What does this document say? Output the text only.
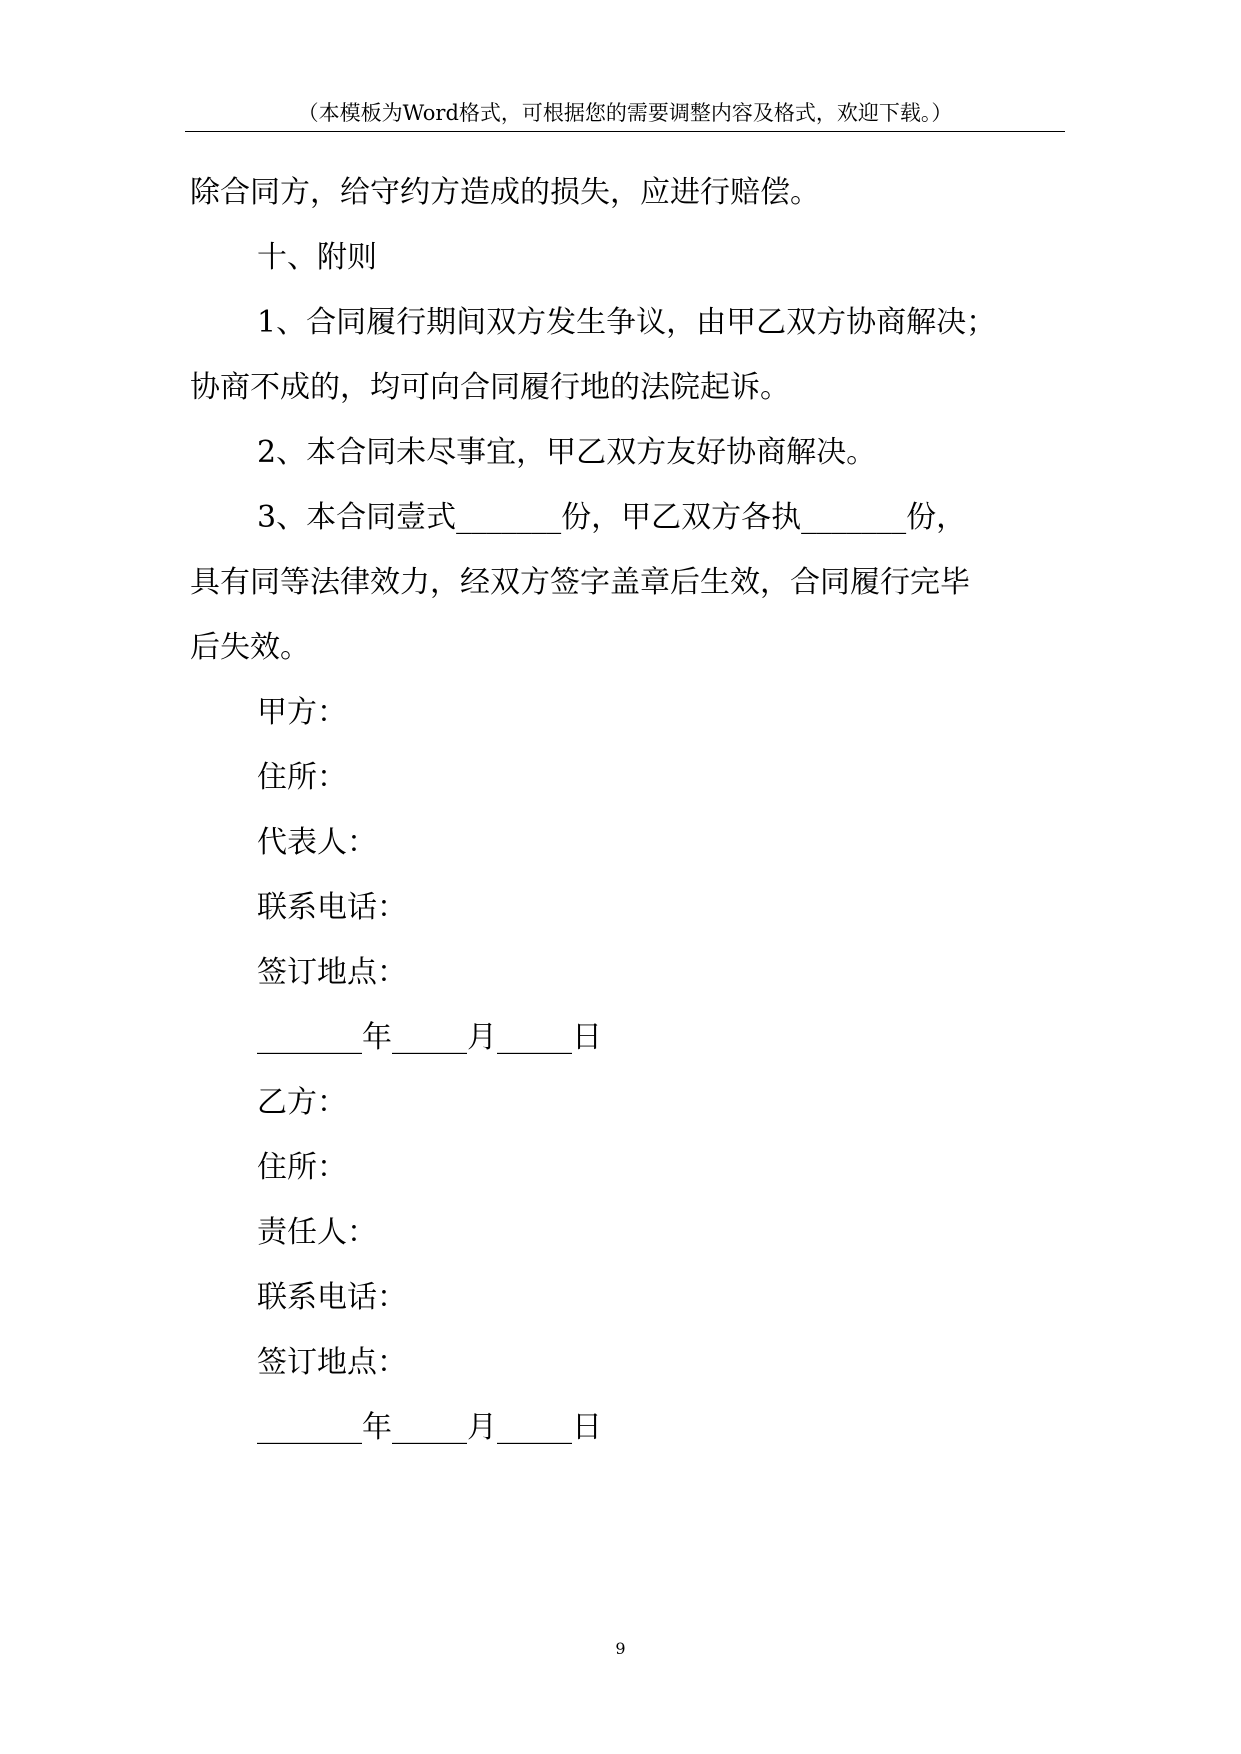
（本模板为Word格式，可根据您的需要调整内容及格式，欢迎下载。）
除合同方，给守约方造成的损失，应进行赔偿。
十、附则
1、合同履行期间双方发生争议，由甲乙双方协商解决；
协商不成的，均可向合同履行地的法院起诉。
2、本合同未尽事宜，甲乙双方友好协商解决。
3、本合同壹式_______份，甲乙双方各执_______份，
具有同等法律效力，经双方签字盖章后生效，合同履行完毕
后失效。
甲方：
住所：
代表人：
联系电话：
签订地点：
_______年_____月_____日
乙方：
住所：
责任人：
联系电话：
签订地点：
_______年_____月_____日
9
